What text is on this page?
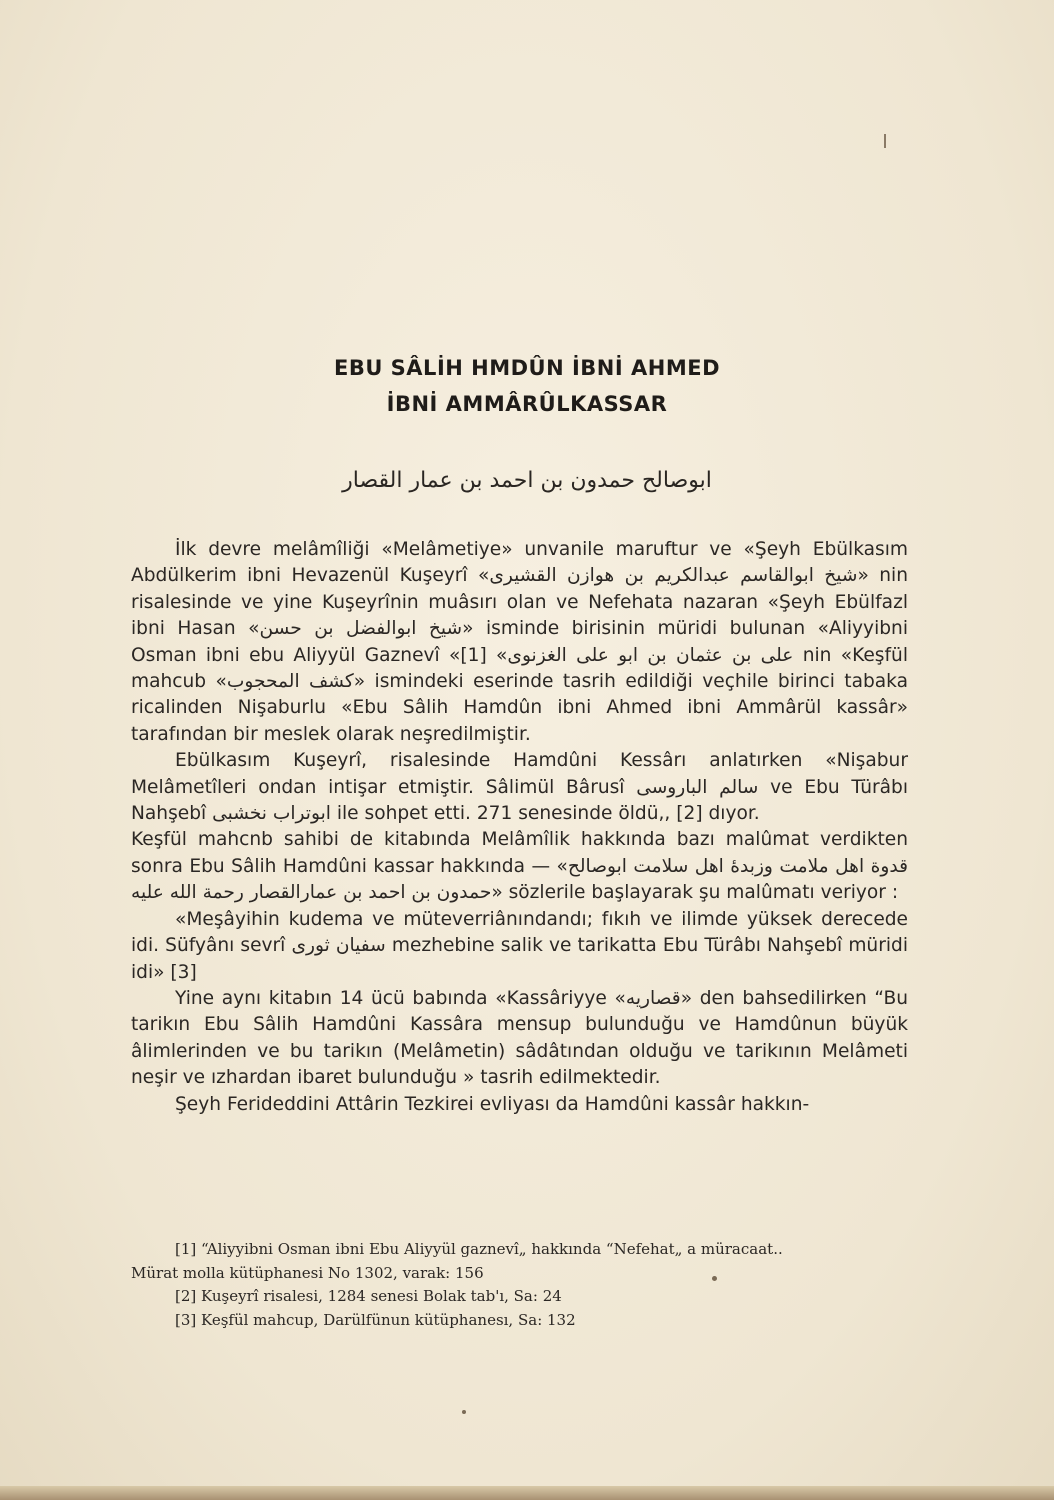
EBU SÂLİH HMDÛN İBNİ AHMED
İBNİ AMMÂRÛLKASSAR
ابوصالح حمدون بن احمد بن عمار القصار

İlk devre melâmîliği «Melâmetiye» unvanile maruftur ve «Şeyh Ebülkasım Abdülkerim ibni Hevazenül Kuşeyrî «شيخ ابوالقاسم عبدالكريم بن هوازن القشيرى» nin risalesinde ve yine Kuşeyrînin muâsırı olan ve Nefehata nazaran «Şeyh Ebülfazl ibni Hasan «شيخ ابوالفضل بن حسن» isminde birisinin müridi bulunan «Aliyyibni Osman ibni ebu Aliyyül Gaznevî «على بن عثمان بن ابو على الغزنوى» [1] nin «Keşfül mahcub «كشف المحجوب» ismindeki eserinde tasrih edildiği veçhile birinci tabaka ricalinden Nişaburlu «Ebu Sâlih Hamdûn ibni Ahmed ibni Ammârül kassâr» tarafından bir meslek olarak neşredilmiştir.

Ebülkasım Kuşeyrî, risalesinde Hamdûni Kessârı anlatırken «Nişabur Melâmetîleri ondan intişar etmiştir. Sâlimül Bârusî سالم الباروسى ve Ebu Türâbı Nahşebî ابوتراب نخشبى ile sohpet etti. 271 senesinde öldü,, [2] dıyor.

Keşfül mahcnb sahibi de kitabında Melâmîlik hakkında bazı malûmat verdikten sonra Ebu Sâlih Hamdûni kassar hakkında — «قدوة اهل ملامت وزبدهٔ اهل سلامت ابوصالح حمدون بن احمد بن عمارالقصار رحمة الله عليه» sözlerile başlayarak şu malûmatı veriyor :

«Meşâyihin kudema ve müteverriânındandı; fıkıh ve ilimde yüksek derecede idi. Süfyânı sevrî سفيان ثورى mezhebine salik ve tarikatta Ebu Türâbı Nahşebî müridi idi» [3]

Yine aynı kitabın 14 ücü babında «Kassâriyye «قصاريه» den bahsedilirken “Bu tarikın Ebu Sâlih Hamdûni Kassâra mensup bulunduğu ve Hamdûnun büyük âlimlerinden ve bu tarikın (Melâmetin) sâdâtından olduğu ve tarikının Melâmeti neşir ve ızhardan ibaret bulunduğu » tasrih edilmektedir.

Şeyh Ferideddini Attârin Tezkirei evliyası da Hamdûni kassâr hakkın-

[1] “Aliyyibni Osman ibni Ebu Aliyyül gaznevî„ hakkında “Nefehat„ a müracaat..
Mürat molla kütüphanesi No 1302, varak: 156
[2] Kuşeyrî risalesi, 1284 senesi Bolak tab'ı, Sa: 24
[3] Keşfül mahcup, Darülfünun kütüphanesı, Sa: 132
